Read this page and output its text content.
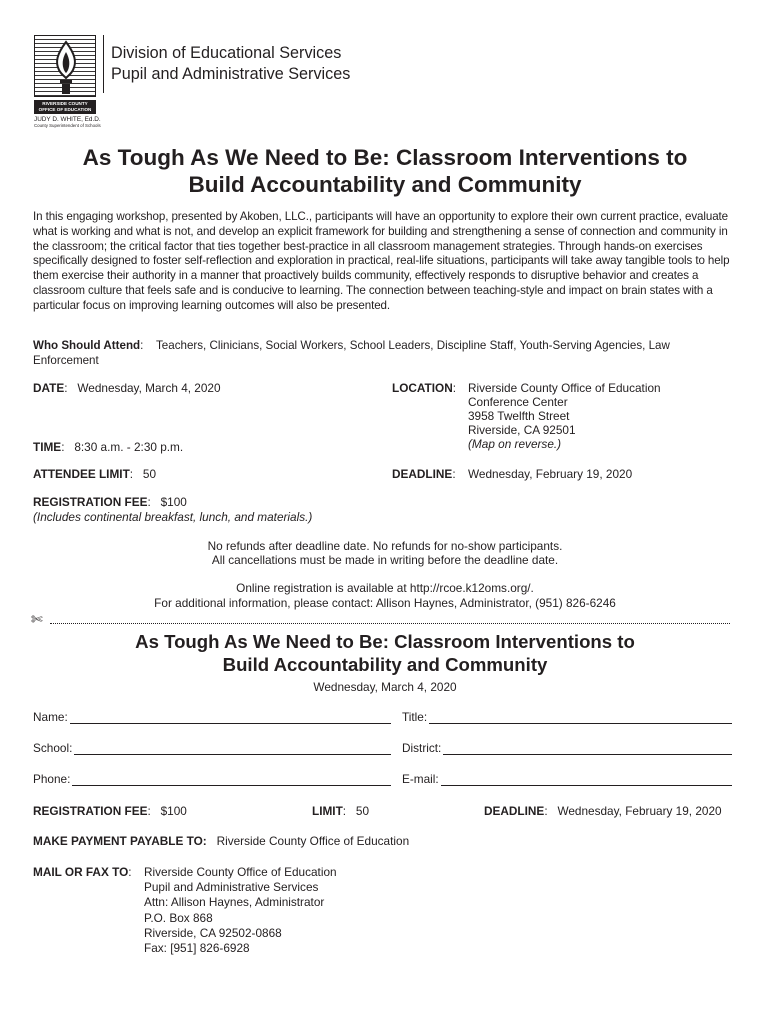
RIVERSIDE COUNTY
OFFICE OF EDUCATION
JUDY D. WHITE, Ed.D.
County Superintendent of Schools
Division of Educational Services
Pupil and Administrative Services
As Tough As We Need to Be: Classroom Interventions to
Build Accountability and Community
In this engaging workshop, presented by Akoben, LLC., participants will have an opportunity to explore their own current practice, evaluate what is working and what is not, and develop an explicit framework for building and strengthening a sense of connection and community in the classroom; the critical factor that ties together best-practice in all classroom management strategies. Through hands-on exercises specifically designed to foster self-reflection and exploration in practical, real-life situations, participants will take away tangible tools to help them exercise their authority in a manner that proactively builds community, effectively responds to disruptive behavior and creates a classroom culture that feels safe and is conducive to learning. The connection between teaching-style and impact on brain states with a particular focus on improving learning outcomes will also be presented.
Who Should Attend:    Teachers, Clinicians, Social Workers, School Leaders, Discipline Staff, Youth-Serving Agencies, Law Enforcement
DATE:   Wednesday, March 4, 2020	LOCATION: Riverside County Office of Education
Conference Center
3958 Twelfth Street
Riverside, CA 92501
(Map on reverse.)
TIME:   8:30 a.m. - 2:30 p.m.
ATTENDEE LIMIT:   50	DEADLINE: Wednesday, February 19, 2020
REGISTRATION FEE:   $100
(Includes continental breakfast, lunch, and materials.)
No refunds after deadline date. No refunds for no-show participants.
All cancellations must be made in writing before the deadline date.
Online registration is available at http://rcoe.k12oms.org/.
For additional information, please contact: Allison Haynes, Administrator, (951) 826-6246
✄
As Tough As We Need to Be: Classroom Interventions to
Build Accountability and Community
Wednesday, March 4, 2020
Name:	Title:
School:	District:
Phone:	E-mail:
REGISTRATION FEE:   $100	LIMIT:   50	DEADLINE:   Wednesday, February 19, 2020
MAKE PAYMENT PAYABLE TO: Riverside County Office of Education
MAIL OR FAX TO: Riverside County Office of Education
Pupil and Administrative Services
Attn: Allison Haynes, Administrator
P.O. Box 868
Riverside, CA 92502-0868
Fax: [951] 826-6928
